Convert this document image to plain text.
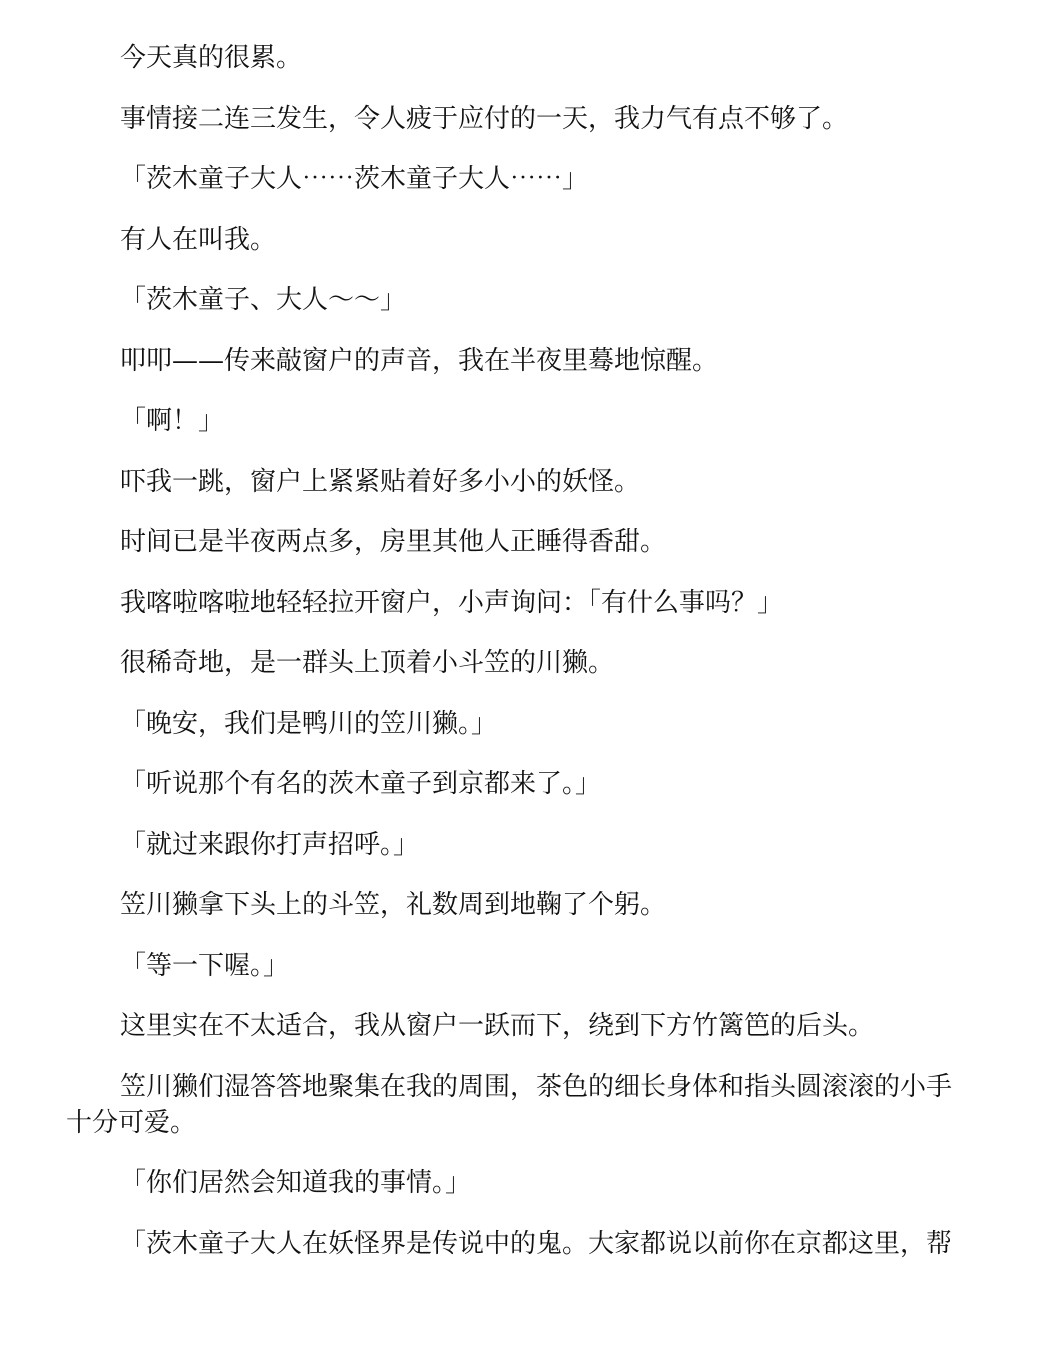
今天真的很累。

事情接二连三发生，令人疲于应付的一天，我力气有点不够了。

「茨木童子大人⋯⋯茨木童子大人⋯⋯」

有人在叫我。

「茨木童子、大人～～」

叩叩——传来敲窗户的声音，我在半夜里蓦地惊醒。

「啊！」

吓我一跳，窗户上紧紧贴着好多小小的妖怪。

时间已是半夜两点多，房里其他人正睡得香甜。

我喀啦喀啦地轻轻拉开窗户，小声询问：「有什么事吗？」

很稀奇地，是一群头上顶着小斗笠的川獭。

「晚安，我们是鸭川的笠川獭。」

「听说那个有名的茨木童子到京都来了。」

「就过来跟你打声招呼。」

笠川獭拿下头上的斗笠，礼数周到地鞠了个躬。

「等一下喔。」

这里实在不太适合，我从窗户一跃而下，绕到下方竹篱笆的后头。

笠川獭们湿答答地聚集在我的周围，茶色的细长身体和指头圆滚滚的小手十分可爱。

「你们居然会知道我的事情。」

「茨木童子大人在妖怪界是传说中的鬼。大家都说以前你在京都这里，帮
